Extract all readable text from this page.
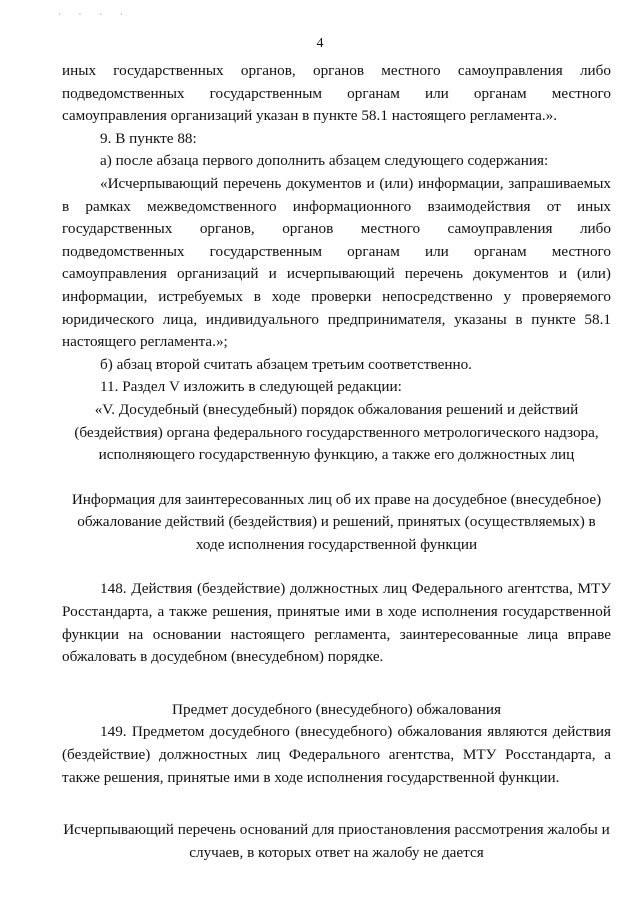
· · · ·
4

иных государственных органов, органов местного самоуправления либо подведомственных государственным органам или органам местного самоуправления организаций указан в пункте 58.1 настоящего регламента.».

9. В пункте 88:

а) после абзаца первого дополнить абзацем следующего содержания:

«Исчерпывающий перечень документов и (или) информации, запрашиваемых в рамках межведомственного информационного взаимодействия от иных государственных органов, органов местного самоуправления либо подведомственных государственным органам или органам местного самоуправления организаций и исчерпывающий перечень документов и (или) информации, истребуемых в ходе проверки непосредственно у проверяемого юридического лица, индивидуального предпринимателя, указаны в пункте 58.1 настоящего регламента.»;

б) абзац второй считать абзацем третьим соответственно.

11. Раздел V изложить в следующей редакции:

«V. Досудебный (внесудебный) порядок обжалования решений и действий (бездействия) органа федерального государственного метрологического надзора, исполняющего государственную функцию, а также его должностных лиц

Информация для заинтересованных лиц об их праве на досудебное (внесудебное) обжалование действий (бездействия) и решений, принятых (осуществляемых) в ходе исполнения государственной функции

148. Действия (бездействие) должностных лиц Федерального агентства, МТУ Росстандарта, а также решения, принятые ими в ходе исполнения государственной функции на основании настоящего регламента, заинтересованные лица вправе обжаловать в досудебном (внесудебном) порядке.

Предмет досудебного (внесудебного) обжалования

149. Предметом досудебного (внесудебного) обжалования являются действия (бездействие) должностных лиц Федерального агентства, МТУ Росстандарта, а также решения, принятые ими в ходе исполнения государственной функции.

Исчерпывающий перечень оснований для приостановления рассмотрения жалобы и случаев, в которых ответ на жалобу не дается
